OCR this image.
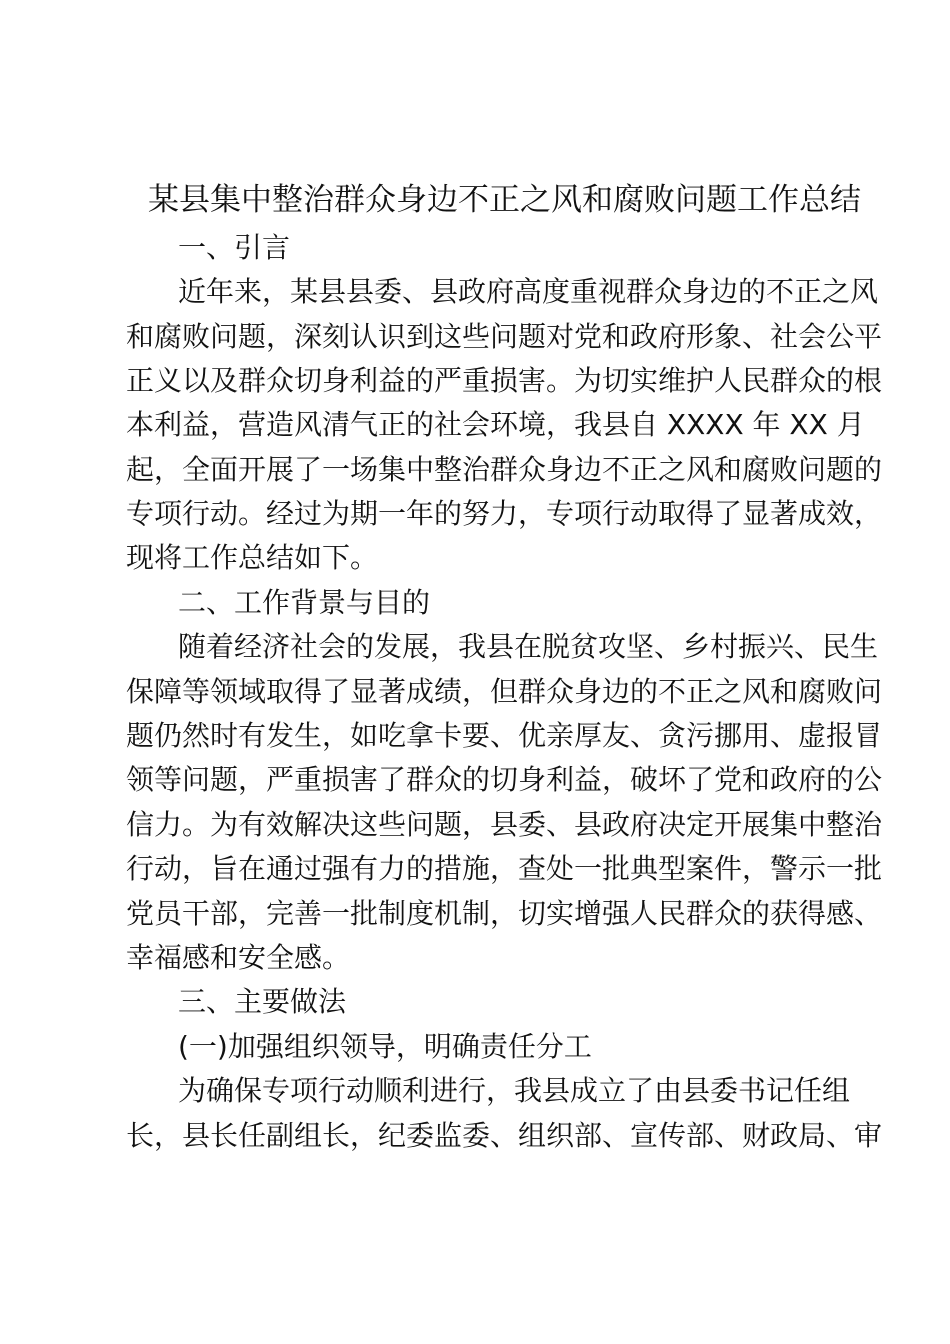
某县集中整治群众身边不正之风和腐败问题工作总结
一、引言
近年来，某县县委、县政府高度重视群众身边的不正之风
和腐败问题，深刻认识到这些问题对党和政府形象、社会公平
正义以及群众切身利益的严重损害。为切实维护人民群众的根
本利益，营造风清气正的社会环境，我县自 XXXX 年 XX 月
起，全面开展了一场集中整治群众身边不正之风和腐败问题的
专项行动。经过为期一年的努力，专项行动取得了显著成效，
现将工作总结如下。
二、工作背景与目的
随着经济社会的发展，我县在脱贫攻坚、乡村振兴、民生
保障等领域取得了显著成绩，但群众身边的不正之风和腐败问
题仍然时有发生，如吃拿卡要、优亲厚友、贪污挪用、虚报冒
领等问题，严重损害了群众的切身利益，破坏了党和政府的公
信力。为有效解决这些问题，县委、县政府决定开展集中整治
行动，旨在通过强有力的措施，查处一批典型案件，警示一批
党员干部，完善一批制度机制，切实增强人民群众的获得感、
幸福感和安全感。
三、主要做法
(一)加强组织领导，明确责任分工
为确保专项行动顺利进行，我县成立了由县委书记任组
长，县长任副组长，纪委监委、组织部、宣传部、财政局、审
